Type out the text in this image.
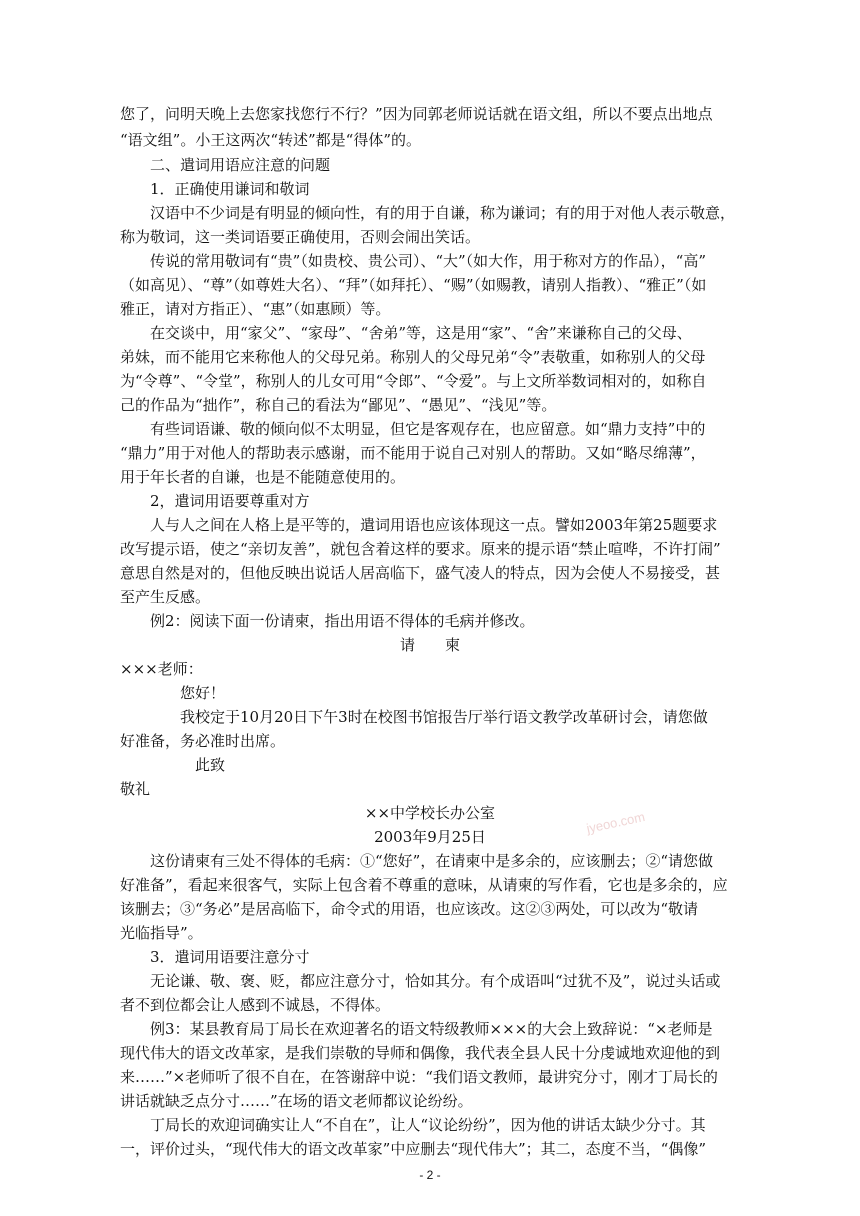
您了，问明天晚上去您家找您行不行？”因为同郭老师说话就在语文组，所以不要点出地点
“语文组”。小王这两次“转述”都是“得体”的。
　　二、遣词用语应注意的问题
　　1．正确使用谦词和敬词
　　汉语中不少词是有明显的倾向性，有的用于自谦，称为谦词；有的用于对他人表示敬意，
称为敬词，这一类词语要正确使用，否则会闹出笑话。
　　传说的常用敬词有“贵”（如贵校、贵公司）、“大”（如大作，用于称对方的作品），“高”
（如高见）、“尊”（如尊姓大名）、“拜”（如拜托）、“赐”（如赐教，请别人指教）、“雅正”（如
雅正，请对方指正）、“惠”（如惠顾）等。
　　在交谈中，用“家父”、“家母”、“舍弟”等，这是用“家”、“舍”来谦称自己的父母、
弟妹，而不能用它来称他人的父母兄弟。称别人的父母兄弟“令”表敬重，如称别人的父母
为“令尊”、“令堂”，称别人的儿女可用“令郎”、“令爱”。与上文所举数词相对的，如称自
己的作品为“拙作”，称自己的看法为“鄙见”、“愚见”、“浅见”等。
　　有些词语谦、敬的倾向似不太明显，但它是客观存在，也应留意。如“鼎力支持”中的
“鼎力”用于对他人的帮助表示感谢，而不能用于说自己对别人的帮助。又如“略尽绵薄”，
用于年长者的自谦，也是不能随意使用的。
　　2，遣词用语要尊重对方
　　人与人之间在人格上是平等的，遣词用语也应该体现这一点。譬如2003年第25题要求
改写提示语，使之“亲切友善”，就包含着这样的要求。原来的提示语“禁止喧哗，不许打闹”
意思自然是对的，但他反映出说话人居高临下，盛气凌人的特点，因为会使人不易接受，甚
至产生反感。
　　例2：阅读下面一份请柬，指出用语不得体的毛病并修改。
请　　柬
×××老师：
　　　　您好！
　　　　我校定于10月20日下午3时在校图书馆报告厅举行语文教学改革研讨会，请您做
好准备，务必准时出席。
　　　　　此致
敬礼
××中学校长办公室
2003年9月25日
　　这份请柬有三处不得体的毛病：①“您好”，在请柬中是多余的，应该删去；②“请您做
好准备”，看起来很客气，实际上包含着不尊重的意味，从请柬的写作看，它也是多余的，应
该删去；③“务必”是居高临下，命令式的用语，也应该改。这②③两处，可以改为“敬请
光临指导”。
　　3．遣词用语要注意分寸
　　无论谦、敬、褒、贬，都应注意分寸，恰如其分。有个成语叫“过犹不及”，说过头话或
者不到位都会让人感到不诚恳，不得体。
　　例3：某县教育局丁局长在欢迎著名的语文特级教师×××的大会上致辞说：“×老师是
现代伟大的语文改革家，是我们崇敬的导师和偶像，我代表全县人民十分虔诚地欢迎他的到
来……”×老师听了很不自在，在答谢辞中说：“我们语文教师，最讲究分寸，刚才丁局长的
讲话就缺乏点分寸……”在场的语文老师都议论纷纷。
　　丁局长的欢迎词确实让人“不自在”，让人“议论纷纷”，因为他的讲话太缺少分寸。其
一，评价过头，“现代伟大的语文改革家”中应删去“现代伟大”；其二，态度不当，“偶像”
jyeoo.com
- 2 -
